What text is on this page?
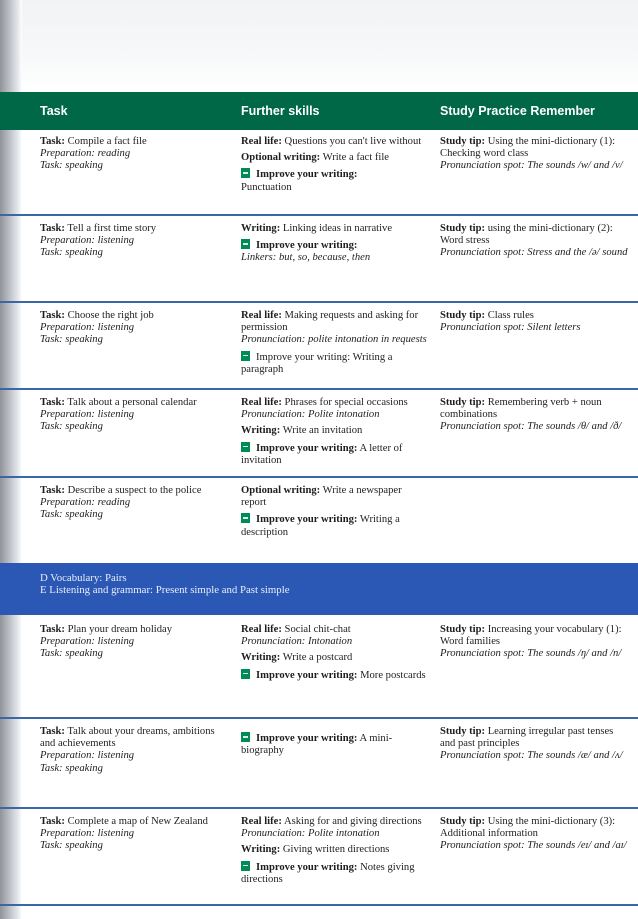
Task	Further skills	Study Practice Remember

Task: Compile a fact file

Preparation: reading

Task: speaking

Real life: Questions you can't live without

Optional writing: Write a fact file

Improve your writing:
Punctuation

Study tip: Using the mini-dictionary (1): Checking word class

Pronunciation spot: The sounds /w/ and /v/

Task: Tell a first time story

Preparation: listening

Task: speaking

Writing: Linking ideas in narrative

Improve your writing:
Linkers: but, so, because, then

Study tip: using the mini-dictionary (2): Word stress

Pronunciation spot: Stress and the /ə/ sound

Task: Choose the right job

Preparation: listening

Task: speaking

Real life: Making requests and asking for permission

Pronunciation: polite intonation in requests

Improve your writing: Writing a paragraph

Study tip: Class rules

Pronunciation spot: Silent letters

Task: Talk about a personal calendar

Preparation: listening

Task: speaking

Real life: Phrases for special occasions

Pronunciation: Polite intonation

Writing: Write an invitation

Improve your writing: A letter of invitation

Study tip: Remembering verb + noun combinations

Pronunciation spot: The sounds /θ/ and /ð/

Task: Describe a suspect to the police

Preparation: reading

Task: speaking

Optional writing: Write a newspaper report

Improve your writing: Writing a description

D Vocabulary: Pairs
E Listening and grammar: Present simple and Past simple

Task: Plan your dream holiday

Preparation: listening

Task: speaking

Real life: Social chit-chat

Pronunciation: Intonation

Writing: Write a postcard

Improve your writing: More postcards

Study tip: Increasing your vocabulary (1): Word families

Pronunciation spot: The sounds /ŋ/ and /n/

Task: Talk about your dreams, ambitions and achievements

Preparation: listening

Task: speaking

Improve your writing: A mini-biography

Study tip: Learning irregular past tenses and past principles

Pronunciation spot: The sounds /æ/ and /ʌ/

Task: Complete a map of New Zealand

Preparation: listening

Task: speaking

Real life: Asking for and giving directions

Pronunciation: Polite intonation

Writing: Giving written directions

Improve your writing: Notes giving directions

Study tip: Using the mini-dictionary (3): Additional information

Pronunciation spot: The sounds /eɪ/ and /aɪ/
